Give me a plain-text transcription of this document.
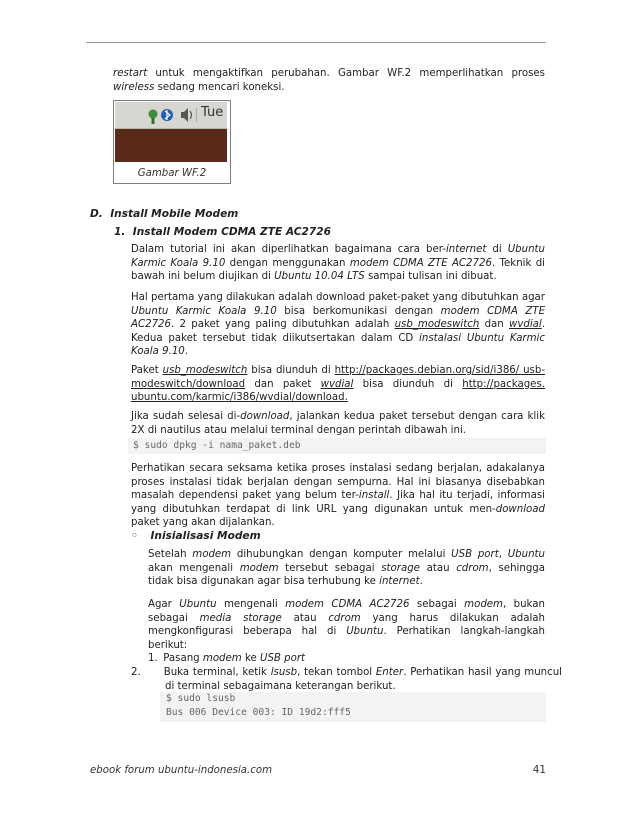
restart untuk mengaktifkan perubahan. Gambar WF.2 memperlihatkan proses wireless sedang mencari koneksi.

Tue
Gambar WF.2
D. Install Mobile Modem
1. Install Modem CDMA ZTE AC2726

Dalam tutorial ini akan diperlihatkan bagaimana cara ber-internet di Ubuntu Karmic Koala 9.10 dengan menggunakan modem CDMA ZTE AC2726. Teknik di bawah ini belum diujikan di Ubuntu 10.04 LTS sampai tulisan ini dibuat.

Hal pertama yang dilakukan adalah download paket-paket yang dibutuhkan agar Ubuntu Karmic Koala 9.10 bisa berkomunikasi dengan modem CDMA ZTE AC2726. 2 paket yang paling dibutuhkan adalah usb_modeswitch dan wvdial. Kedua paket tersebut tidak diikutsertakan dalam CD instalasi Ubuntu Karmic Koala 9.10.

Paket usb_modeswitch bisa diunduh di http://packages.debian.org/sid/i386/ usb-modeswitch/download dan paket wvdial bisa diunduh di http://packages. ubuntu.com/karmic/i386/wvdial/download.

Jika sudah selesai di-download, jalankan kedua paket tersebut dengan cara klik 2X di nautilus atau melalui terminal dengan perintah dibawah ini.

$ sudo dpkg -i nama_paket.deb

Perhatikan secara seksama ketika proses instalasi sedang berjalan, adakalanya proses instalasi tidak berjalan dengan sempurna. Hal ini biasanya disebabkan masalah dependensi paket yang belum ter-install. Jika hal itu terjadi, informasi yang dibutuhkan terdapat di link URL yang digunakan untuk men-download paket yang akan dijalankan.

◦ Inisialisasi Modem

Setelah modem dihubungkan dengan komputer melalui USB port, Ubuntu akan mengenali modem tersebut sebagai storage atau cdrom, sehingga tidak bisa digunakan agar bisa terhubung ke internet.

Agar Ubuntu mengenali modem CDMA AC2726 sebagai modem, bukan sebagai media storage atau cdrom yang harus dilakukan adalah mengkonfigurasi beberapa hal di Ubuntu. Perhatikan langkah-langkah berikut:

1. Pasang modem ke USB port
2. Buka terminal, ketik lsusb, tekan tombol Enter. Perhatikan hasil yang muncul di terminal sebagaimana keterangan berikut.
$ sudo lsusb
Bus 006 Device 003: ID 19d2:fff5
ebook forum ubuntu-indonesia.com	41
